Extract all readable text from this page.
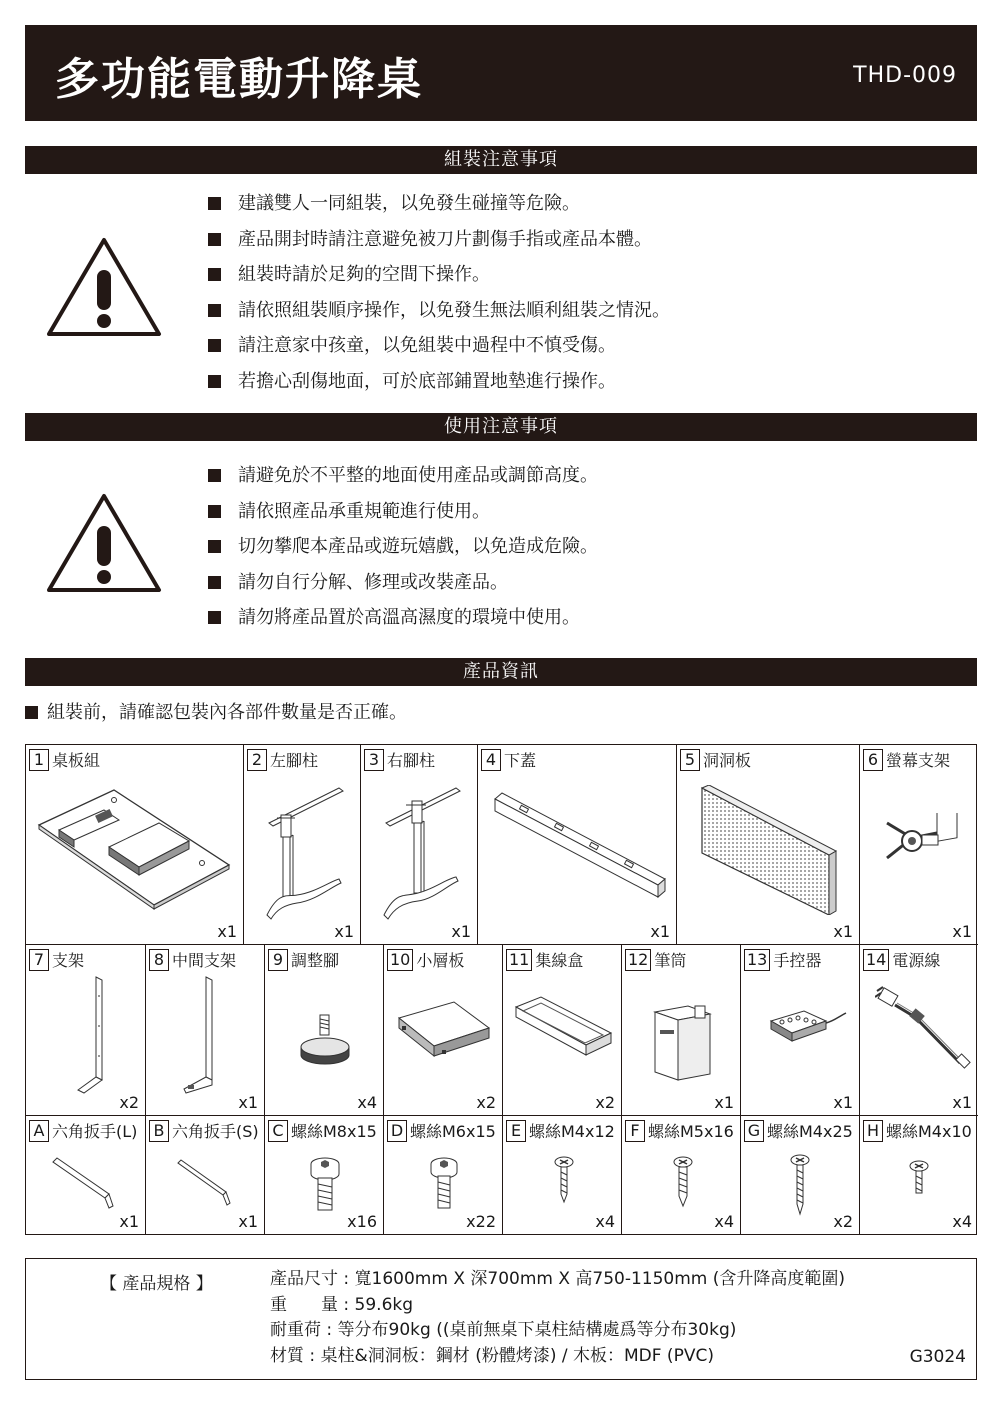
多功能電動升降桌	THD-009
組裝注意事項
建議雙人一同組裝，以免發生碰撞等危險。
產品開封時請注意避免被刀片劃傷手指或產品本體。
組裝時請於足夠的空間下操作。
請依照組裝順序操作，以免發生無法順利組裝之情況。
請注意家中孩童，以免組裝中過程中不慎受傷。
若擔心刮傷地面，可於底部鋪置地墊進行操作。
使用注意事項
請避免於不平整的地面使用產品或調節高度。
請依照產品承重規範進行使用。
切勿攀爬本產品或遊玩嬉戲，以免造成危險。
請勿自行分解、修理或改裝產品。
請勿將產品置於高溫高濕度的環境中使用。
產品資訊
組裝前，請確認包裝內各部件數量是否正確。
1 桌板組
x1
2 左腳柱
x1
3 右腳柱
x1
4 下蓋
x1
5 洞洞板
x1
6 螢幕支架
x1
7 支架
x2
8 中間支架
x1
9 調整腳
x4
10 小層板
x2
11 集線盒
x2
12 筆筒
x1
13 手控器
x1
14 電源線
x1
A 六角扳手(L)
x1
B 六角扳手(S)
x1
C 螺絲M8x15
x16
D 螺絲M6x15
x22
E 螺絲M4x12
x4
F 螺絲M5x16
x4
G 螺絲M4x25
x2
H 螺絲M4x10
x4
【 產品規格 】	產品尺寸 : 寬1600mm X 深700mm X 高750-1150mm (含升降高度範圍)
重　　量 : 59.6kg
耐重荷 : 等分布90kg ((桌前無桌下桌柱結構處爲等分布30kg)
材質 : 桌柱&洞洞板：鋼材 (粉體烤漆) / 木板：MDF (PVC)	G3024
